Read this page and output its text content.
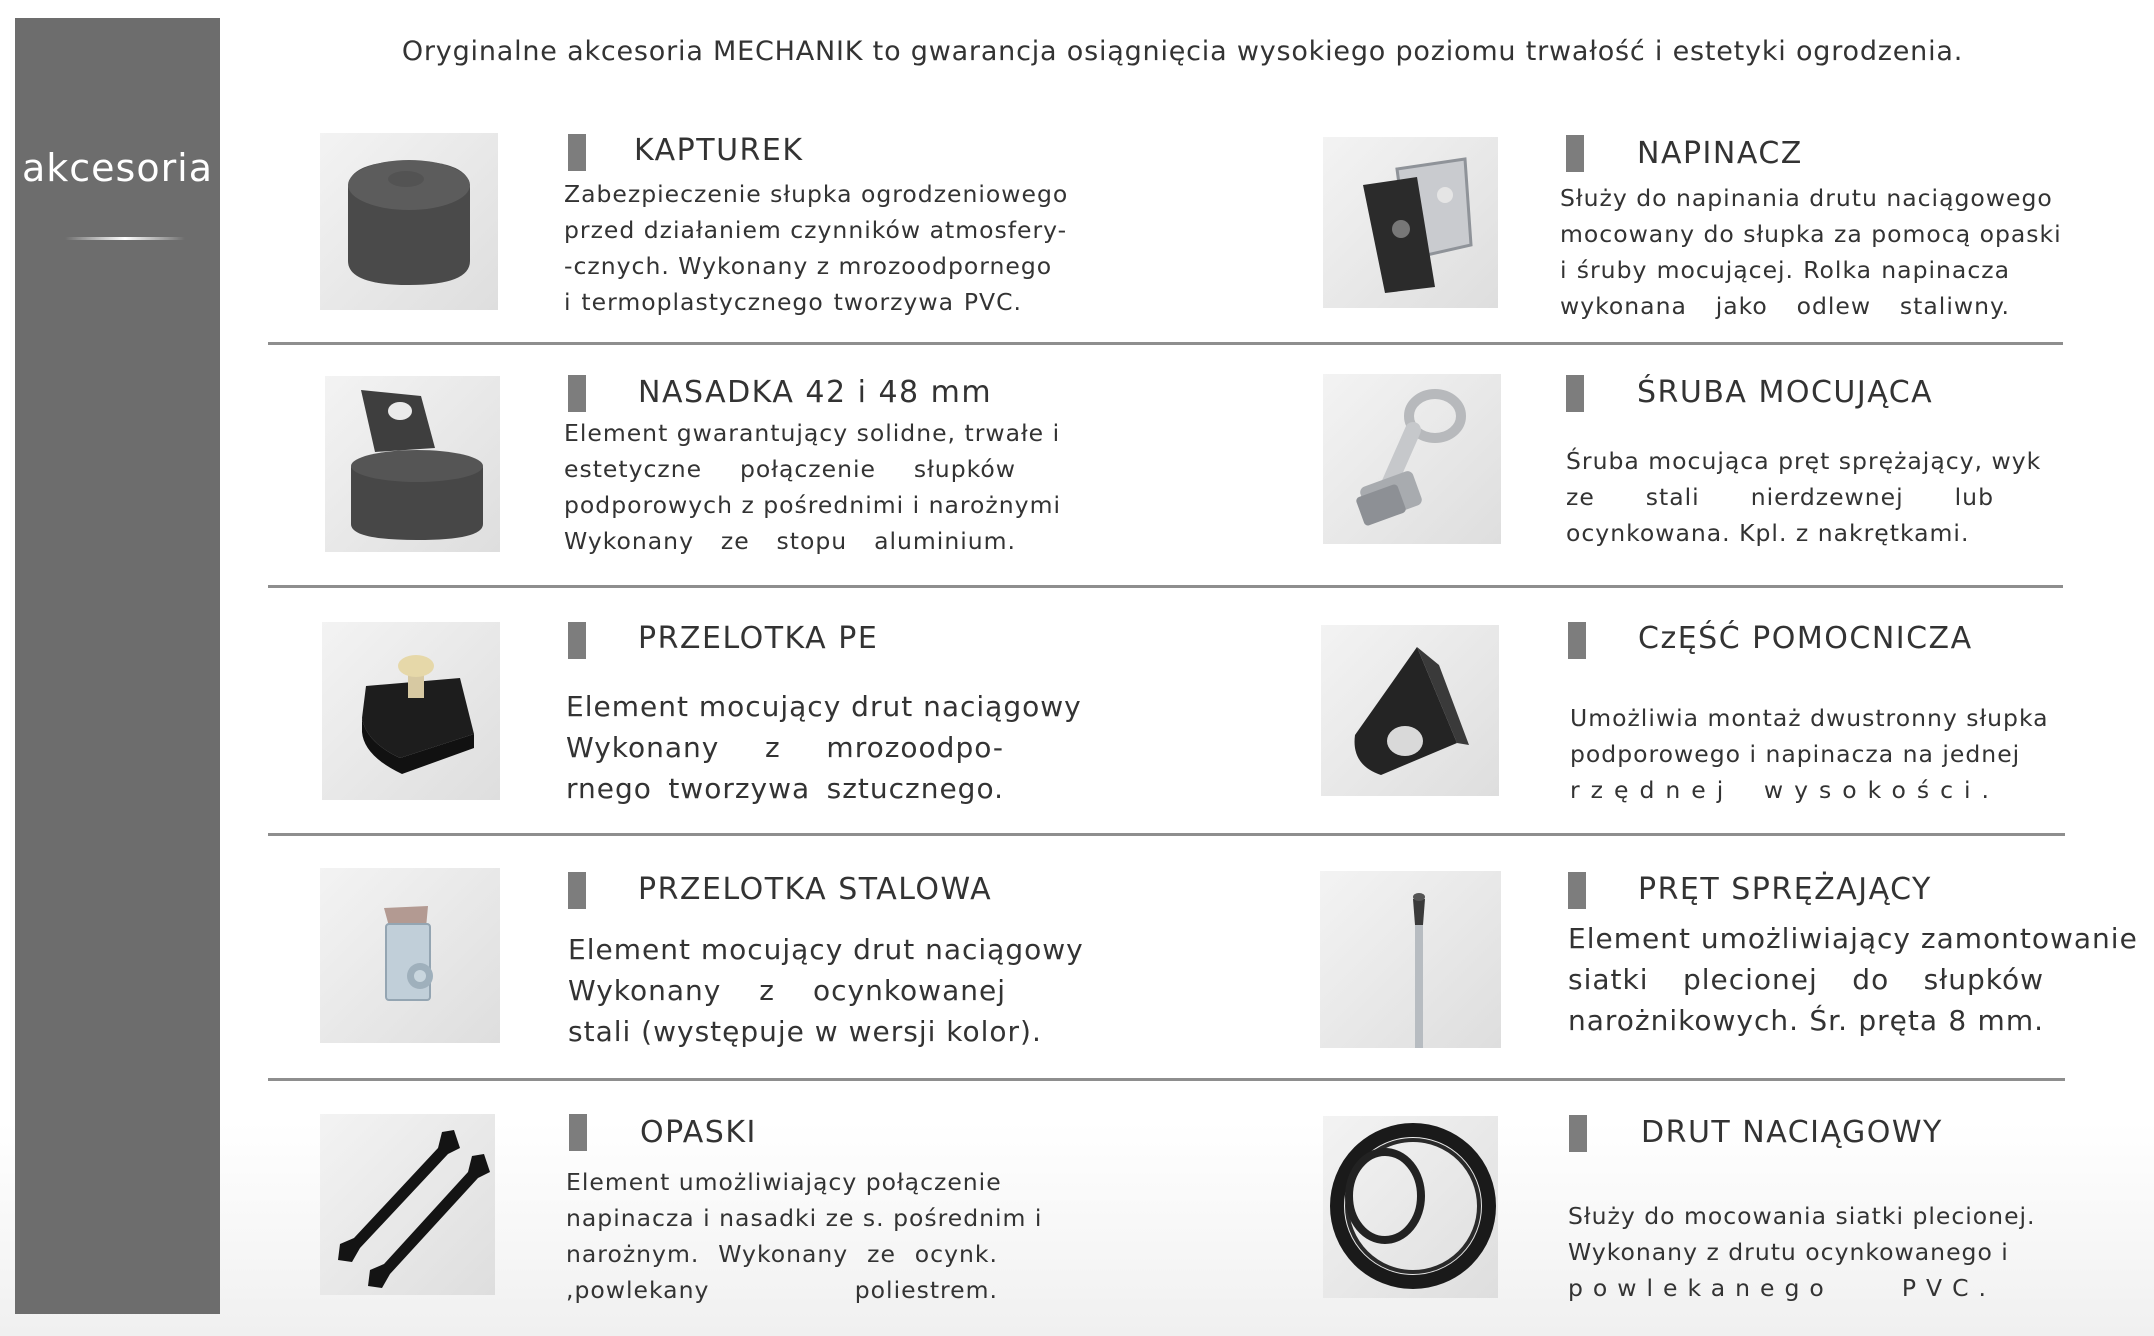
akcesoria
Oryginalne akcesoria MECHANIK to gwarancja osiągnięcia wysokiego poziomu trwałość i estetyki ogrodzenia.
KAPTUREK
Zabezpieczenie słupka ogrodzeniowego
przed działaniem czynników atmosfery-
-cznych. Wykonany z mrozoodpornego
i termoplastycznego tworzywa PVC.
NAPINACZ
Służy do napinania drutu naciągowego
mocowany do słupka za pomocą opaski
i śruby mocującej. Rolka napinacza
wykonana jako odlew staliwny.
NASADKA 42 i 48 mm
Element gwarantujący solidne, trwałe i
estetyczne połączenie słupków
podporowych z pośrednimi i narożnymi
Wykonany ze stopu aluminium.
ŚRUBA MOCUJĄCA
Śruba mocująca pręt sprężający, wyk
ze stali nierdzewnej lub
ocynkowana. Kpl. z nakrętkami.
PRZELOTKA PE
Element mocujący drut naciągowy
Wykonany z mrozoodpo-
rnego tworzywa sztucznego.
CzĘŚĆ POMOCNICZA
Umożliwia montaż dwustronny słupka
podporowego i napinacza na jednej
rzędnej wysokości.
PRZELOTKA STALOWA
Element mocujący drut naciągowy
Wykonany z ocynkowanej
stali (występuje w wersji kolor).
PRĘT SPRĘŻAJĄCY
Element umożliwiający zamontowanie
siatki plecionej do słupków
narożnikowych. Śr. pręta 8 mm.
OPASKI
Element umożliwiający połączenie
napinacza i nasadki ze s. pośrednim i
narożnym. Wykonany ze ocynk.
,powlekany poliestrem.
DRUT NACIĄGOWY
Służy do mocowania siatki plecionej.
Wykonany z drutu ocynkowanego i
powlekanego PVC.
